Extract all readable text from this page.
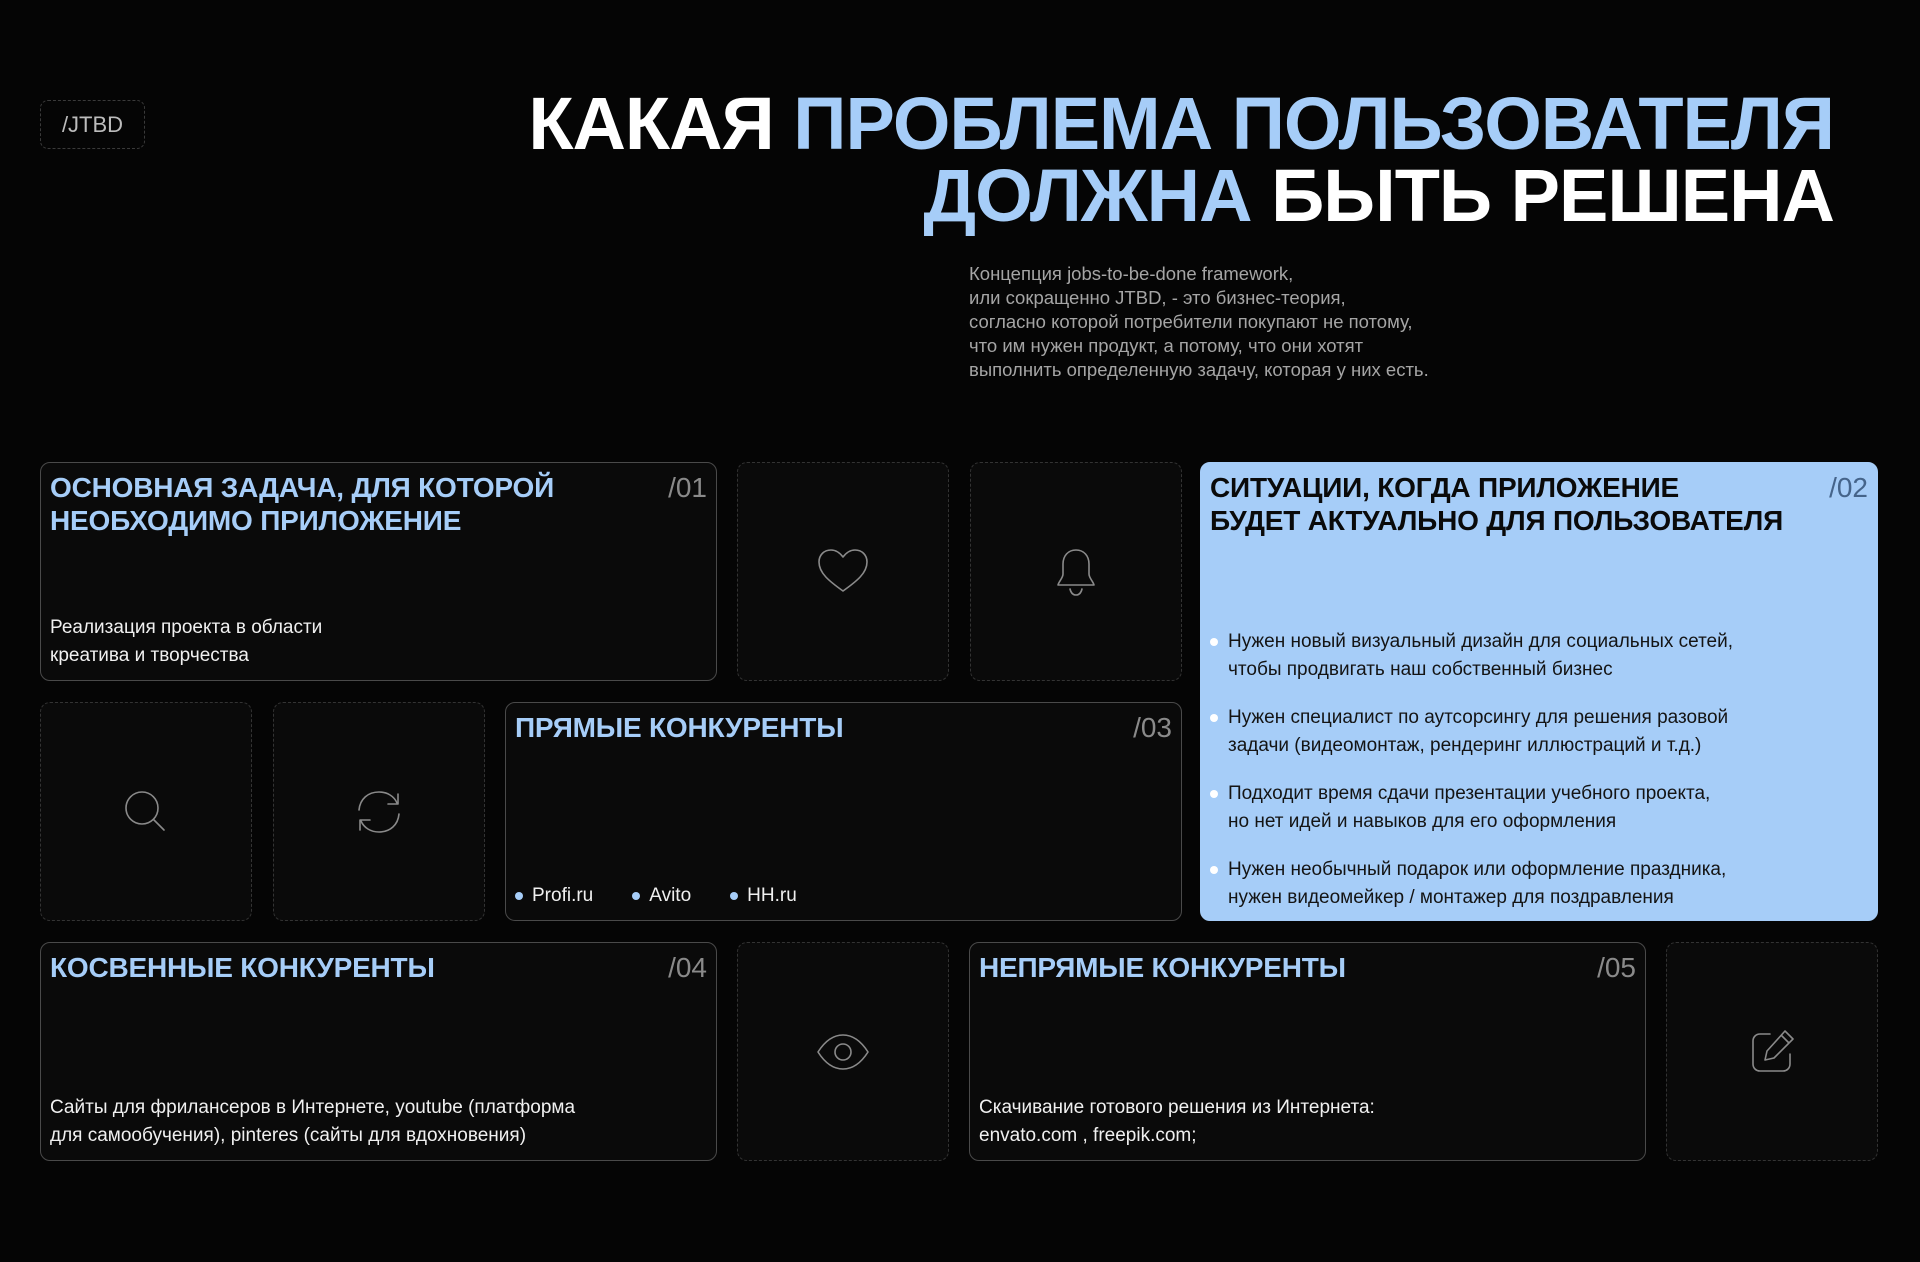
/JTBD	КАКАЯ ПРОБЛЕМА ПОЛЬЗОВАТЕЛЯ
ДОЛЖНА БЫТЬ РЕШЕНА
Концепция jobs-to-be-done framework,
или сокращенно JTBD, - это бизнес-теория,
согласно которой потребители покупают не потому,
что им нужен продукт, а потому, что они хотят
выполнить определенную задачу, которая у них есть.
ОСНОВНАЯ ЗАДАЧА, ДЛЯ КОТОРОЙ
НЕОБХОДИМО ПРИЛОЖЕНИЕ
/01
Реализация проекта в области
креатива и творчества
СИТУАЦИИ, КОГДА ПРИЛОЖЕНИЕ
БУДЕТ АКТУАЛЬНО ДЛЯ ПОЛЬЗОВАТЕЛЯ
/02
Нужен новый визуальный дизайн для социальных сетей,
чтобы продвигать наш собственный бизнес
Нужен специалист по аутсорсингу для решения разовой
задачи (видеомонтаж, рендеринг иллюстраций и т.д.)
Подходит время сдачи презентации учебного проекта,
но нет идей и навыков для его оформления
Нужен необычный подарок или оформление праздника,
нужен видеомейкер / монтажер для поздравления
ПРЯМЫЕ КОНКУРЕНТЫ	/03
Profi.ru	Avito	HH.ru
КОСВЕННЫЕ КОНКУРЕНТЫ	/04
Сайты для фрилансеров в Интернете, youtube (платформа
для самообучения), pinteres (сайты для вдохновения)
НЕПРЯМЫЕ КОНКУРЕНТЫ	/05
Скачивание готового решения из Интернета:
envato.com , freepik.com;
